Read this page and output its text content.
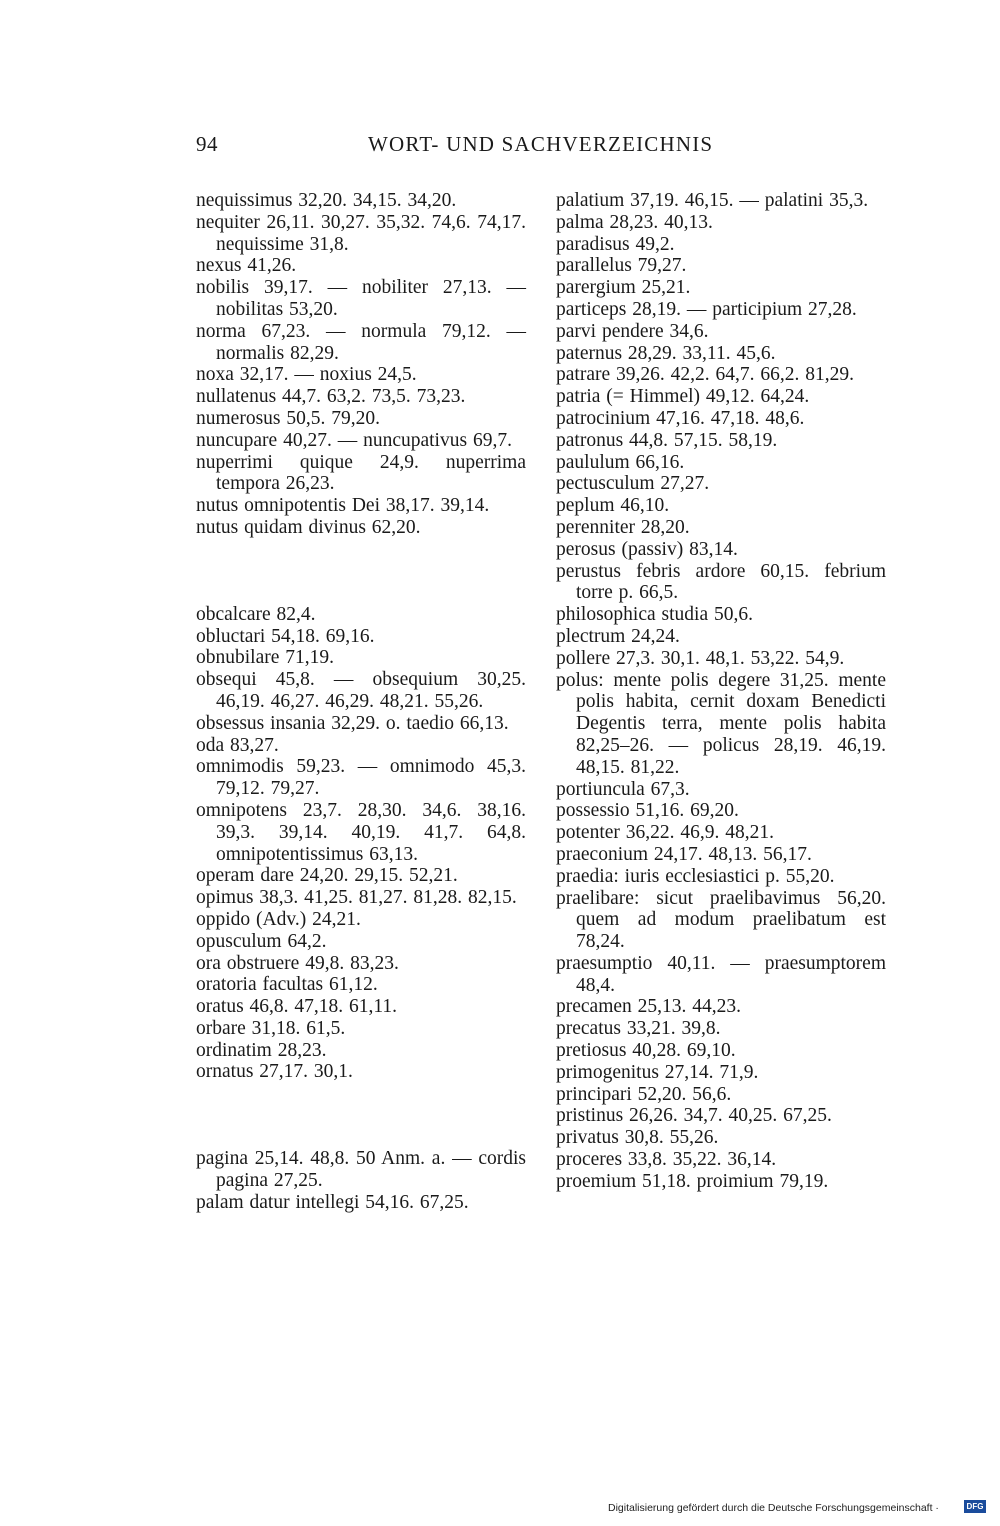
94	WORT- UND SACHVERZEICHNIS
nequissimus 32,20. 34,15. 34,20.
nequiter 26,11. 30,27. 35,32. 74,6. 74,17. nequissime 31,8.
nexus 41,26.
nobilis 39,17. — nobiliter 27,13. — nobilitas 53,20.
norma 67,23. — normula 79,12. — normalis 82,29.
noxa 32,17. — noxius 24,5.
nullatenus 44,7. 63,2. 73,5. 73,23.
numerosus 50,5. 79,20.
nuncupare 40,27. — nuncupativus 69,7.
nuperrimi quique 24,9. nuperrima tempora 26,23.
nutus omnipotentis Dei 38,17. 39,14.
nutus quidam divinus 62,20.
obcalcare 82,4.
obluctari 54,18. 69,16.
obnubilare 71,19.
obsequi 45,8. — obsequium 30,25. 46,19. 46,27. 46,29. 48,21. 55,26.
obsessus insania 32,29. o. taedio 66,13.
oda 83,27.
omnimodis 59,23. — omnimodo 45,3. 79,12. 79,27.
omnipotens 23,7. 28,30. 34,6. 38,16. 39,3. 39,14. 40,19. 41,7. 64,8. omnipotentissimus 63,13.
operam dare 24,20. 29,15. 52,21.
opimus 38,3. 41,25. 81,27. 81,28. 82,15.
oppido (Adv.) 24,21.
opusculum 64,2.
ora obstruere 49,8. 83,23.
oratoria facultas 61,12.
oratus 46,8. 47,18. 61,11.
orbare 31,18. 61,5.
ordinatim 28,23.
ornatus 27,17. 30,1.
pagina 25,14. 48,8. 50 Anm. a. — cordis pagina 27,25.
palam datur intellegi 54,16. 67,25.
palatium 37,19. 46,15. — palatini 35,3.
palma 28,23. 40,13.
paradisus 49,2.
parallelus 79,27.
parergium 25,21.
particeps 28,19. — participium 27,28.
parvi pendere 34,6.
paternus 28,29. 33,11. 45,6.
patrare 39,26. 42,2. 64,7. 66,2. 81,29.
patria (= Himmel) 49,12. 64,24.
patrocinium 47,16. 47,18. 48,6.
patronus 44,8. 57,15. 58,19.
paululum 66,16.
pectusculum 27,27.
peplum 46,10.
perenniter 28,20.
perosus (passiv) 83,14.
perustus febris ardore 60,15. febrium torre p. 66,5.
philosophica studia 50,6.
plectrum 24,24.
pollere 27,3. 30,1. 48,1. 53,22. 54,9.
polus: mente polis degere 31,25. mente polis habita, cernit doxam Benedicti Degentis terra, mente polis habita 82,25–26. — policus 28,19. 46,19. 48,15. 81,22.
portiuncula 67,3.
possessio 51,16. 69,20.
potenter 36,22. 46,9. 48,21.
praeconium 24,17. 48,13. 56,17.
praedia: iuris ecclesiastici p. 55,20.
praelibare: sicut praelibavimus 56,20. quem ad modum praelibatum est 78,24.
praesumptio 40,11. — praesumptorem 48,4.
precamen 25,13. 44,23.
precatus 33,21. 39,8.
pretiosus 40,28. 69,10.
primogenitus 27,14. 71,9.
principari 52,20. 56,6.
pristinus 26,26. 34,7. 40,25. 67,25.
privatus 30,8. 55,26.
proceres 33,8. 35,22. 36,14.
proemium 51,18. proimium 79,19.
Digitalisierung gefördert durch die Deutsche Forschungsgemeinschaft ·	DFG
